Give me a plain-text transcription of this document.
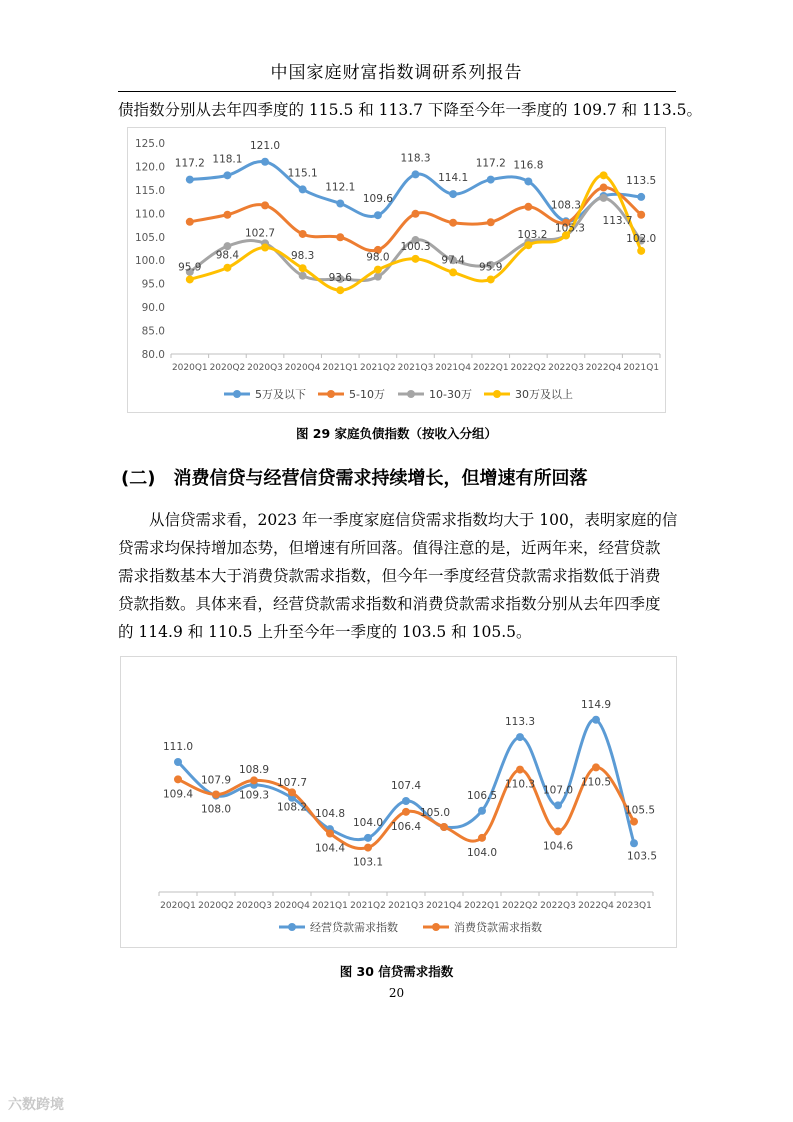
中国家庭财富指数调研系列报告
债指数分别从去年四季度的 115.5 和 113.7 下降至今年一季度的 109.7 和 113.5。
80.0
85.0
90.0
95.0
100.0
105.0
110.0
115.0
120.0
125.0
2020Q1 2020Q2 2020Q3 2020Q4 2021Q1 2021Q2 2021Q3 2021Q4 2022Q1 2022Q2 2022Q3 2022Q4 2021Q1
117.2 118.1
121.0
115.1
112.1
109.6
118.3
114.1
117.2 116.8
108.3
113.7
113.5
102.7	103.2
105.3
95.9
98.4	98.3
93.6
98.0
100.3
97.4
95.9
102.0
5万及以下	5-10万	10-30万	30万及以上
图 29 家庭负债指数（按收入分组）
(二)　消费信贷与经营信贷需求持续增长，但增速有所回落
　　从信贷需求看，2023 年一季度家庭信贷需求指数均大于 100，表明家庭的信
贷需求均保持增加态势，但增速有所回落。值得注意的是，近两年来，经营贷款
需求指数基本大于消费贷款需求指数，但今年一季度经营贷款需求指数低于消费
贷款指数。具体来看，经营贷款需求指数和消费贷款需求指数分别从去年四季度
的 114.9 和 110.5 上升至今年一季度的 103.5 和 105.5。
2020Q1 2020Q2 2020Q3 2020Q4 2021Q1 2021Q2 2021Q3 2021Q4 2022Q1 2022Q2 2022Q3 2022Q4 2023Q1
111.0
107.9
108.9
107.7
104.8
104.0
107.4
105.0
106.5
113.3
107.0
114.9
103.5
109.4
108.0
109.3
108.2
104.4
103.1
106.4
104.0
110.3
104.6
110.5
105.5
经营贷款需求指数	消费贷款需求指数
图 30 信贷需求指数
20
六数跨境
